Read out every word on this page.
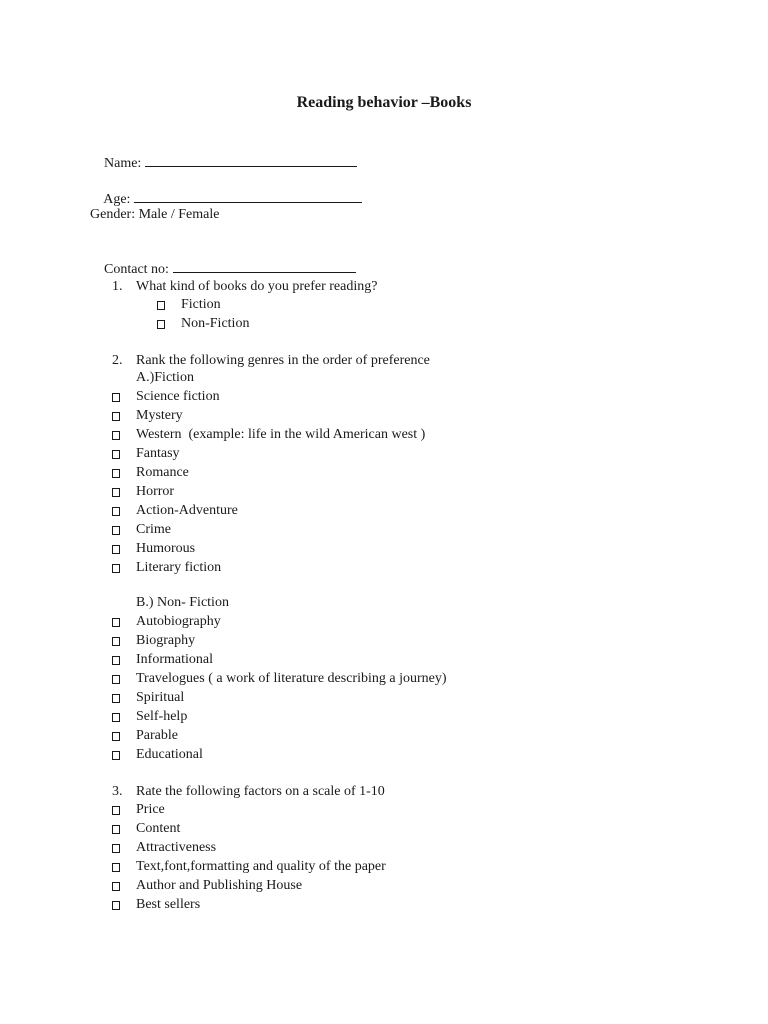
Reading behavior –Books

Name:

Age:

Gender: Male / Female

Contact no:

1.

What kind of books do you prefer reading?

Fiction
Non-Fiction

2.

Rank the following genres in the order of preference

A.)Fiction
Science fiction
Mystery
Western  (example: life in the wild American west )
Fantasy
Romance
Horror
Action-Adventure
Crime
Humorous
Literary fiction
B.) Non- Fiction
Autobiography
Biography
Informational
Travelogues ( a work of literature describing a journey)
Spiritual
Self-help
Parable
Educational

3.

Rate the following factors on a scale of 1-10

Price
Content
Attractiveness
Text,font,formatting and quality of the paper
Author and Publishing House
Best sellers
